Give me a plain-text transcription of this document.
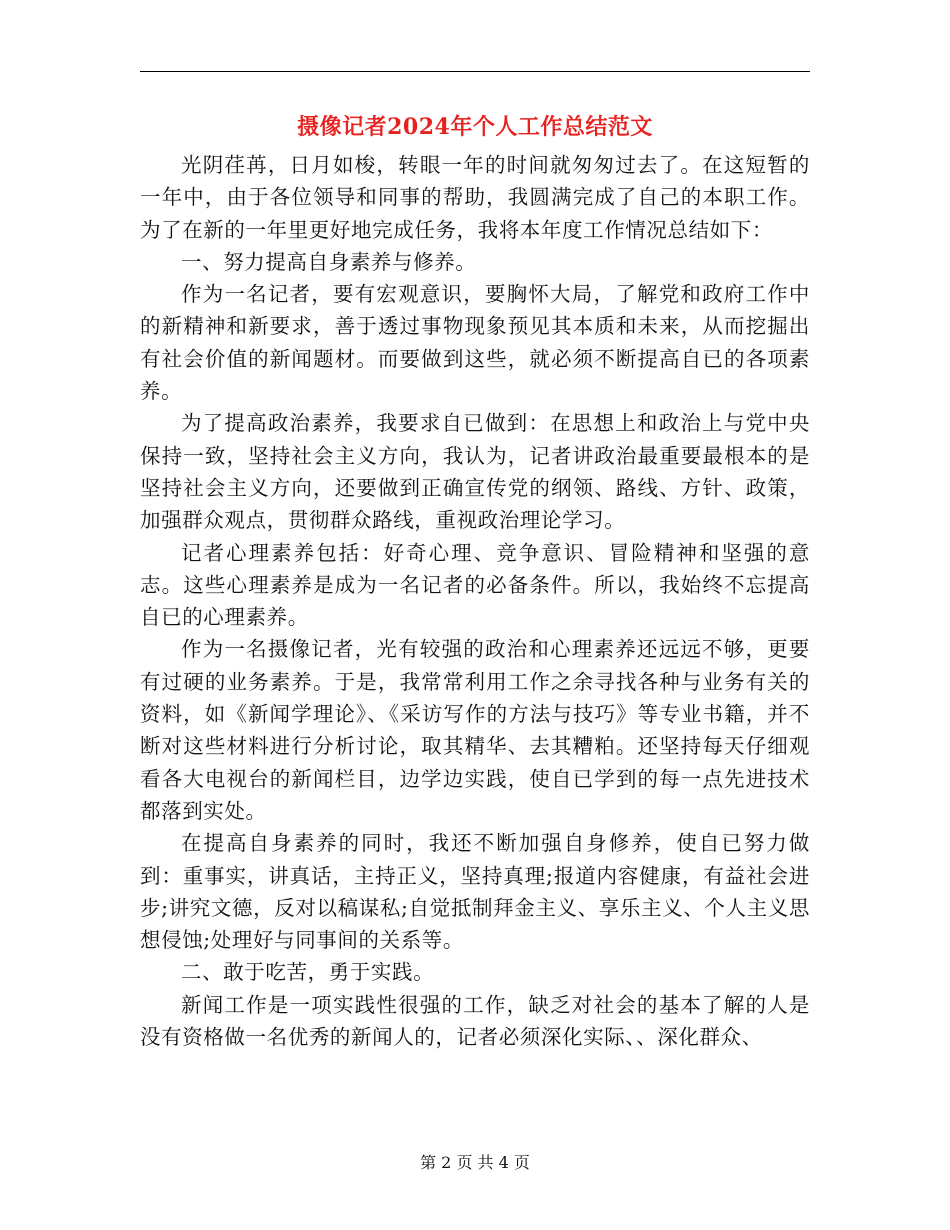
摄像记者2024年个人工作总结范文

光阴荏苒，日月如梭，转眼一年的时间就匆匆过去了。在这短暂的一年中，由于各位领导和同事的帮助，我圆满完成了自己的本职工作。为了在新的一年里更好地完成任务，我将本年度工作情况总结如下：

一、努力提高自身素养与修养。

作为一名记者，要有宏观意识，要胸怀大局，了解党和政府工作中的新精神和新要求，善于透过事物现象预见其本质和未来，从而挖掘出有社会价值的新闻题材。而要做到这些，就必须不断提高自已的各项素养。

为了提高政治素养，我要求自已做到：在思想上和政治上与党中央保持一致，坚持社会主义方向，我认为，记者讲政治最重要最根本的是坚持社会主义方向，还要做到正确宣传党的纲领、路线、方针、政策，加强群众观点，贯彻群众路线，重视政治理论学习。

记者心理素养包括：好奇心理、竞争意识、冒险精神和坚强的意志。这些心理素养是成为一名记者的必备条件。所以，我始终不忘提高自已的心理素养。

作为一名摄像记者，光有较强的政治和心理素养还远远不够，更要有过硬的业务素养。于是，我常常利用工作之余寻找各种与业务有关的资料，如《新闻学理论》、《采访写作的方法与技巧》等专业书籍，并不断对这些材料进行分析讨论，取其精华、去其糟粕。还坚持每天仔细观看各大电视台的新闻栏目，边学边实践，使自已学到的每一点先进技术都落到实处。

在提高自身素养的同时，我还不断加强自身修养，使自已努力做到：重事实，讲真话，主持正义，坚持真理;报道内容健康，有益社会进步;讲究文德，反对以稿谋私;自觉抵制拜金主义、享乐主义、个人主义思想侵蚀;处理好与同事间的关系等。

二、敢于吃苦，勇于实践。

新闻工作是一项实践性很强的工作，缺乏对社会的基本了解的人是没有资格做一名优秀的新闻人的，记者必须深化实际、、深化群众、

第 2 页 共 4 页
